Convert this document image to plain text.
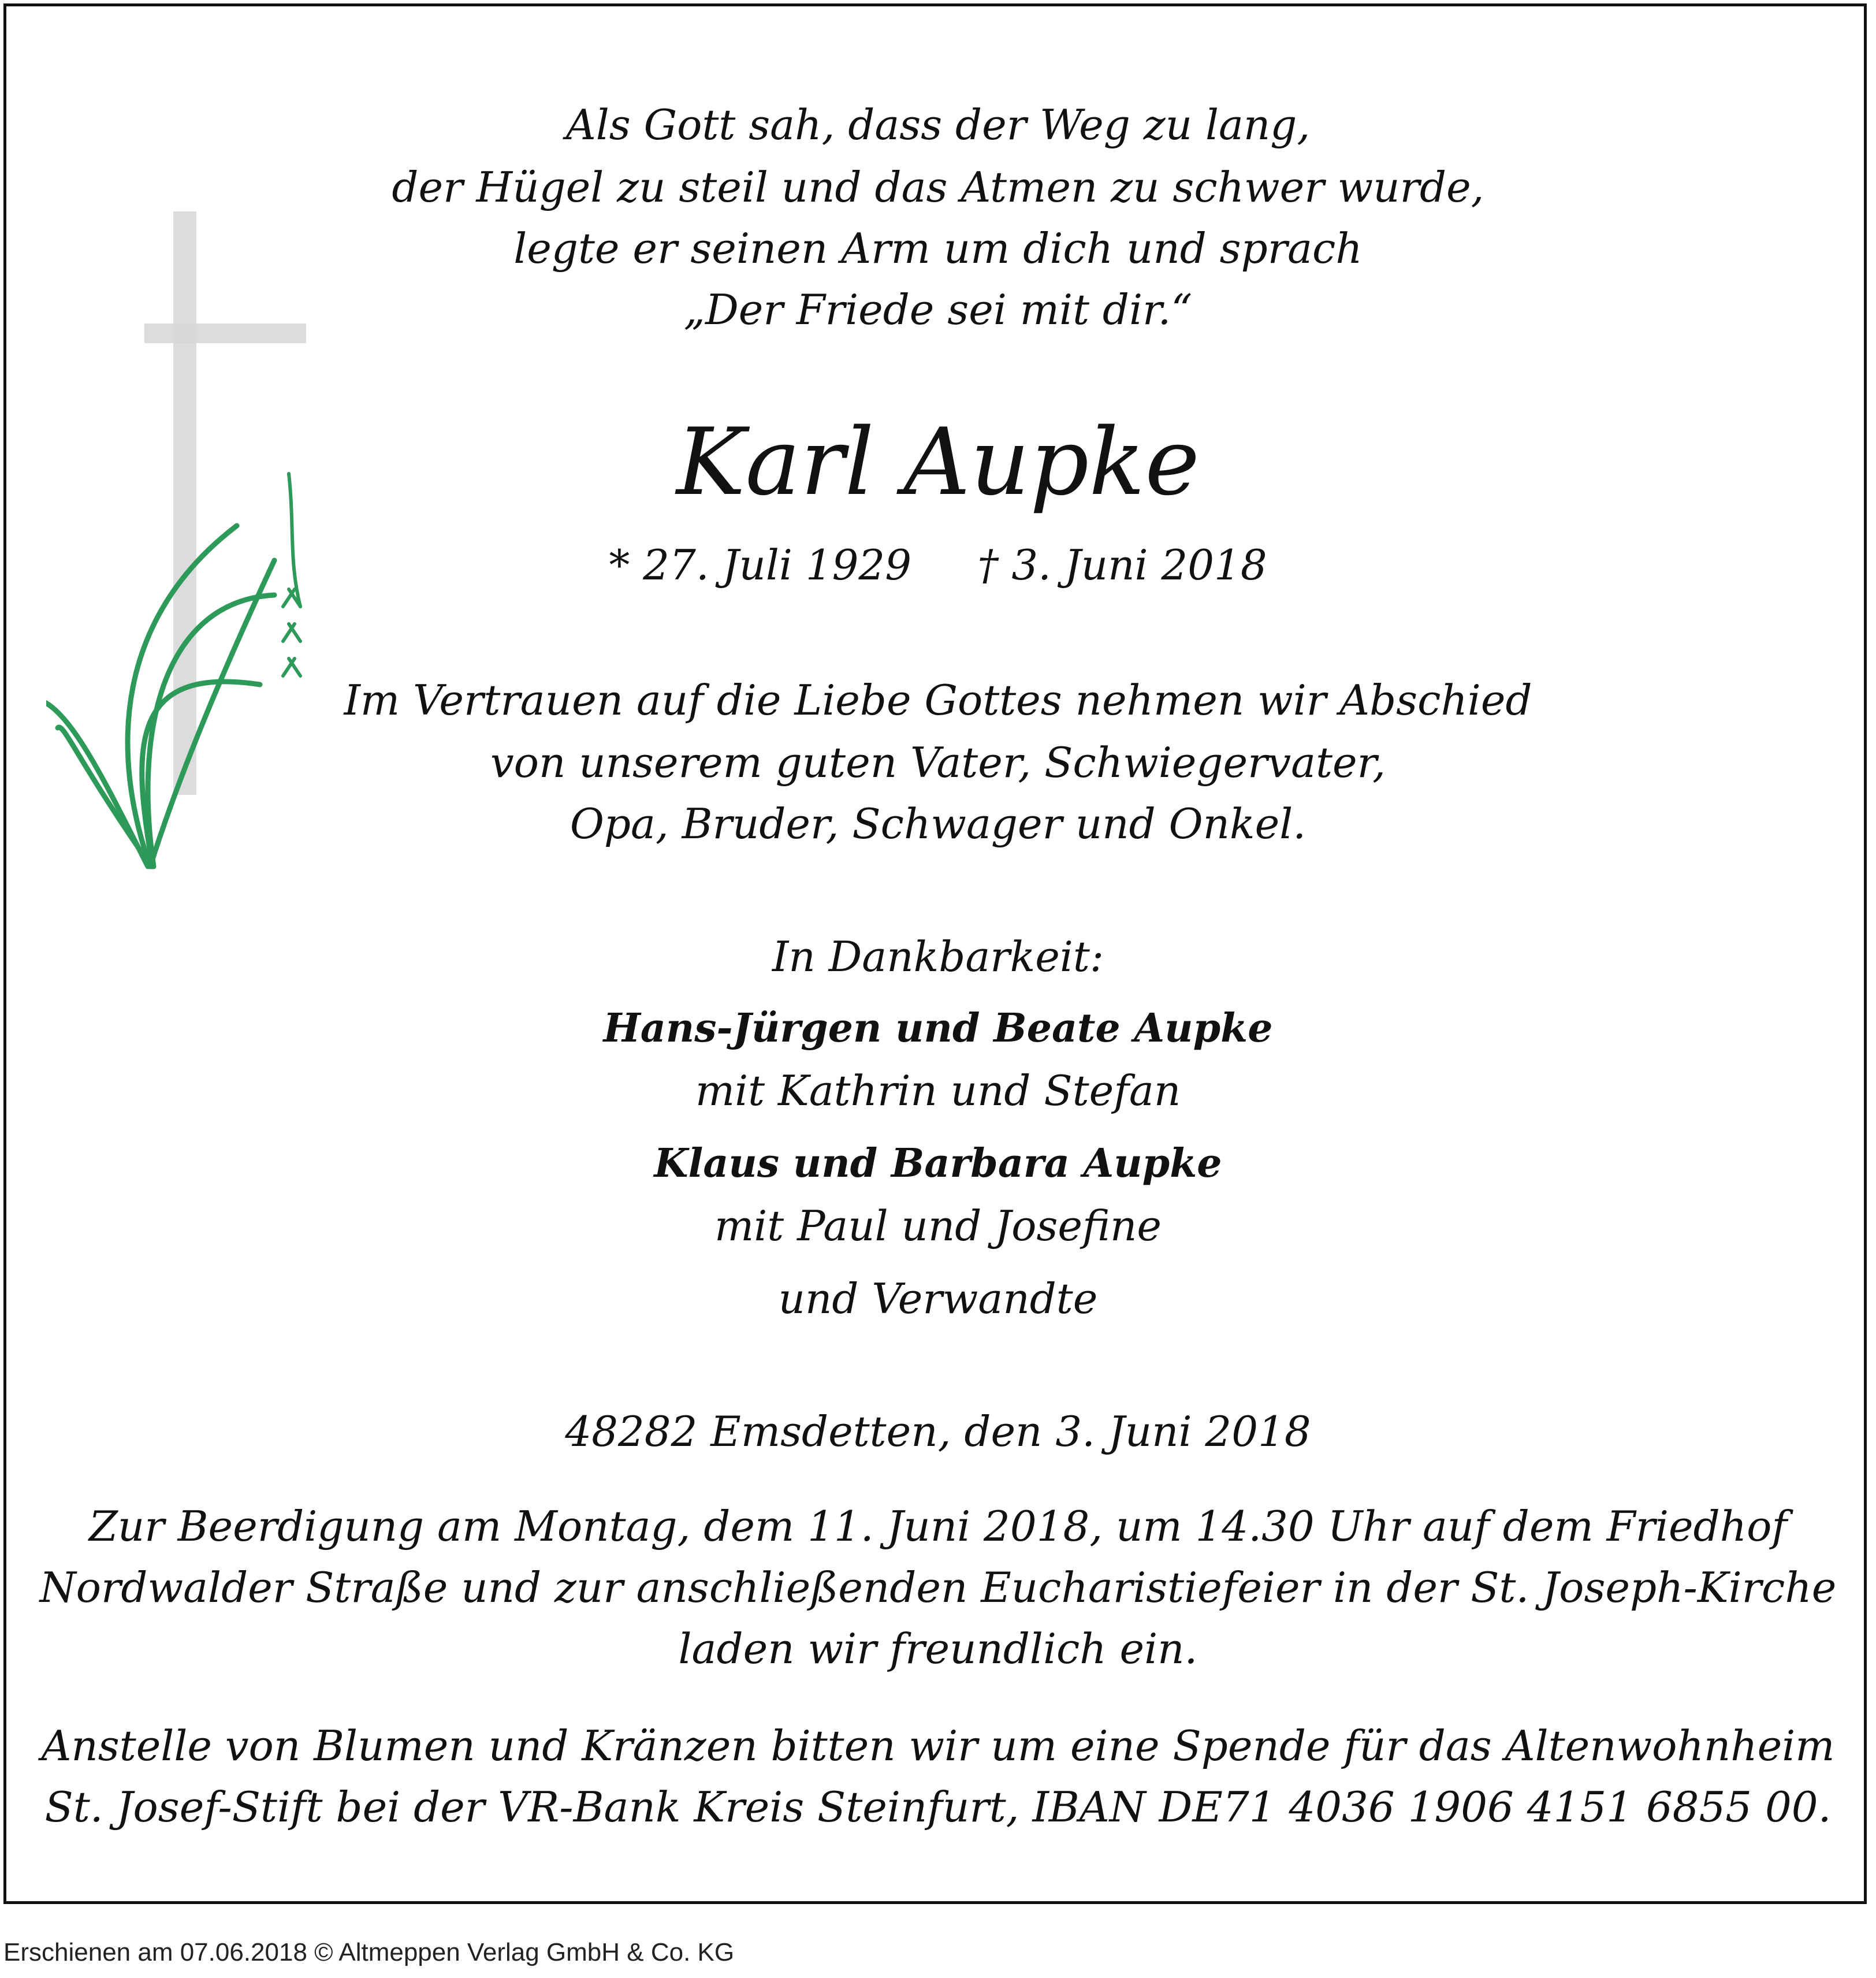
Als Gott sah, dass der Weg zu lang,
der Hügel zu steil und das Atmen zu schwer wurde,
legte er seinen Arm um dich und sprach
„Der Friede sei mit dir.“
Karl Aupke
* 27. Juli 1929     † 3. Juni 2018
Im Vertrauen auf die Liebe Gottes nehmen wir Abschied
von unserem guten Vater, Schwiegervater,
Opa, Bruder, Schwager und Onkel.
In Dankbarkeit:
Hans-Jürgen und Beate Aupke
mit Kathrin und Stefan
Klaus und Barbara Aupke
mit Paul und Josefine
und Verwandte
48282 Emsdetten, den 3. Juni 2018
Zur Beerdigung am Montag, dem 11. Juni 2018, um 14.30 Uhr auf dem Friedhof
Nordwalder Straße und zur anschließenden Eucharistiefeier in der St. Joseph-Kirche
laden wir freundlich ein.
Anstelle von Blumen und Kränzen bitten wir um eine Spende für das Altenwohnheim
St. Josef-Stift bei der VR-Bank Kreis Steinfurt, IBAN DE71 4036 1906 4151 6855 00.
Erschienen am 07.06.2018 © Altmeppen Verlag GmbH & Co. KG
